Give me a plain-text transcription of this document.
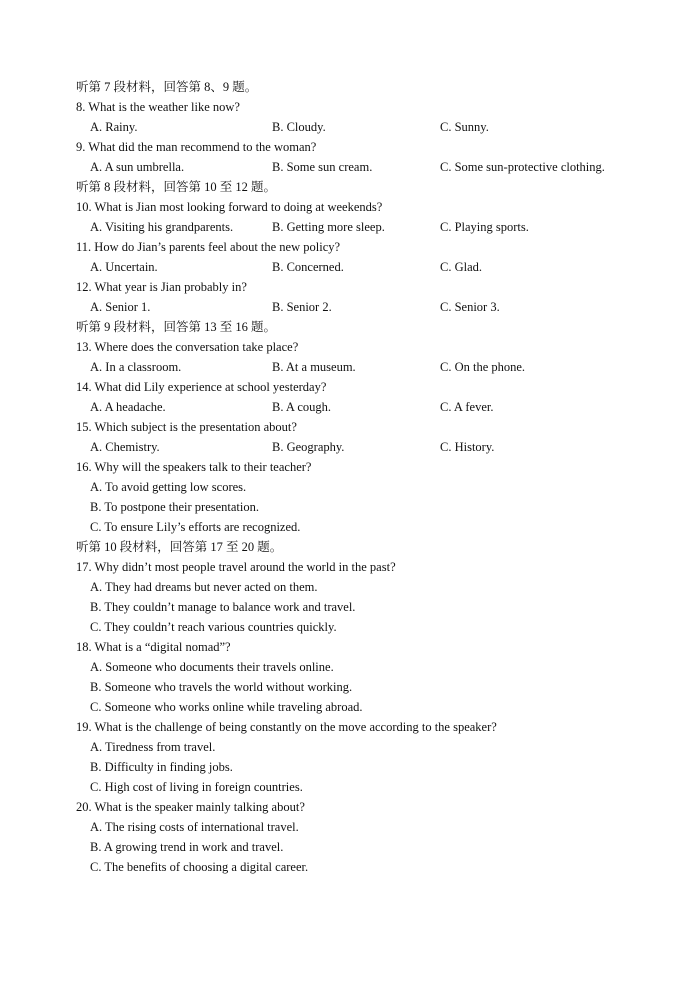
听第 7 段材料，回答第 8、9 题。
8. What is the weather like now?
A. Rainy.	B. Cloudy.	C. Sunny.
9. What did the man recommend to the woman?
A. A sun umbrella.	B. Some sun cream.	C. Some sun-protective clothing.
听第 8 段材料，回答第 10 至 12 题。
10. What is Jian most looking forward to doing at weekends?
A. Visiting his grandparents.	B. Getting more sleep.	C. Playing sports.
11. How do Jian’s parents feel about the new policy?
A. Uncertain.	B. Concerned.	C. Glad.
12. What year is Jian probably in?
A. Senior 1.	B. Senior 2.	C. Senior 3.
听第 9 段材料，回答第 13 至 16 题。
13. Where does the conversation take place?
A. In a classroom.	B. At a museum.	C. On the phone.
14. What did Lily experience at school yesterday?
A. A headache.	B. A cough.	C. A fever.
15. Which subject is the presentation about?
A. Chemistry.	B. Geography.	C. History.
16. Why will the speakers talk to their teacher?
A. To avoid getting low scores.
B. To postpone their presentation.
C. To ensure Lily’s efforts are recognized.
听第 10 段材料，回答第 17 至 20 题。
17. Why didn’t most people travel around the world in the past?
A. They had dreams but never acted on them.
B. They couldn’t manage to balance work and travel.
C. They couldn’t reach various countries quickly.
18. What is a “digital nomad”?
A. Someone who documents their travels online.
B. Someone who travels the world without working.
C. Someone who works online while traveling abroad.
19. What is the challenge of being constantly on the move according to the speaker?
A. Tiredness from travel.
B. Difficulty in finding jobs.
C. High cost of living in foreign countries.
20. What is the speaker mainly talking about?
A. The rising costs of international travel.
B. A growing trend in work and travel.
C. The benefits of choosing a digital career.
